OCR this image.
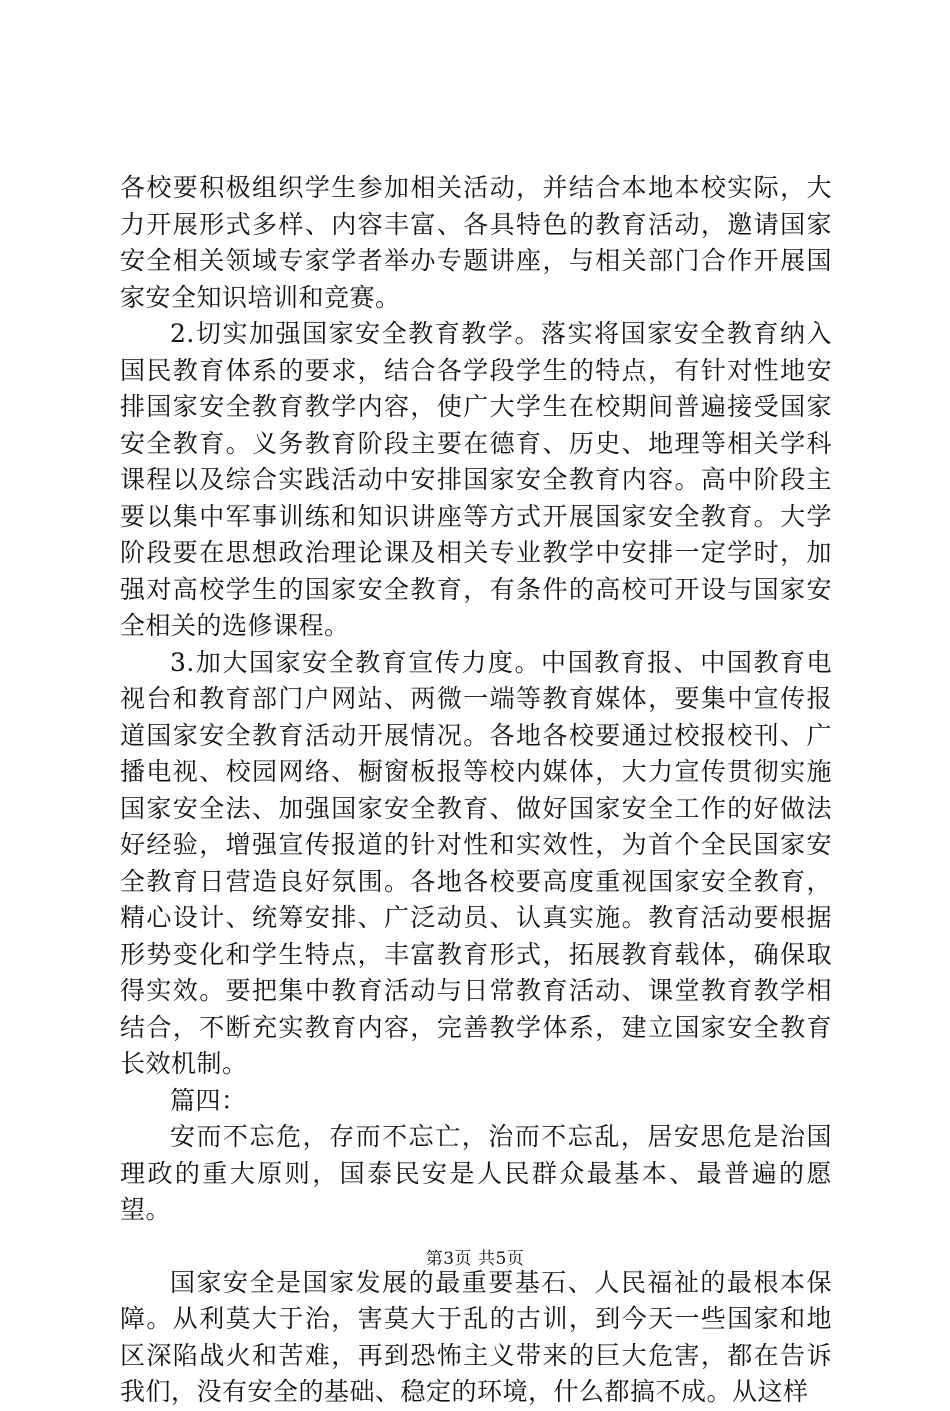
各校要积极组织学生参加相关活动，并结合本地本校实际，大力开展形式多样、内容丰富、各具特色的教育活动，邀请国家安全相关领域专家学者举办专题讲座，与相关部门合作开展国家安全知识培训和竞赛。

2.切实加强国家安全教育教学。落实将国家安全教育纳入国民教育体系的要求，结合各学段学生的特点，有针对性地安排国家安全教育教学内容，使广大学生在校期间普遍接受国家安全教育。义务教育阶段主要在德育、历史、地理等相关学科课程以及综合实践活动中安排国家安全教育内容。高中阶段主要以集中军事训练和知识讲座等方式开展国家安全教育。大学阶段要在思想政治理论课及相关专业教学中安排一定学时，加强对高校学生的国家安全教育，有条件的高校可开设与国家安全相关的选修课程。

3.加大国家安全教育宣传力度。中国教育报、中国教育电视台和教育部门户网站、两微一端等教育媒体，要集中宣传报道国家安全教育活动开展情况。各地各校要通过校报校刊、广播电视、校园网络、橱窗板报等校内媒体，大力宣传贯彻实施国家安全法、加强国家安全教育、做好国家安全工作的好做法好经验，增强宣传报道的针对性和实效性，为首个全民国家安全教育日营造良好氛围。各地各校要高度重视国家安全教育，精心设计、统筹安排、广泛动员、认真实施。教育活动要根据形势变化和学生特点，丰富教育形式，拓展教育载体，确保取得实效。要把集中教育活动与日常教育活动、课堂教育教学相结合，不断充实教育内容，完善教学体系，建立国家安全教育长效机制。

篇四：

安而不忘危，存而不忘亡，治而不忘乱，居安思危是治国理政的重大原则，国泰民安是人民群众最基本、最普遍的愿望。

国家安全是国家发展的最重要基石、人民福祉的最根本保障。从利莫大于治，害莫大于乱的古训，到今天一些国家和地区深陷战火和苦难，再到恐怖主义带来的巨大危害，都在告诉我们，没有安全的基础、稳定的环境，什么都搞不成。从这样

第3页 共5页
